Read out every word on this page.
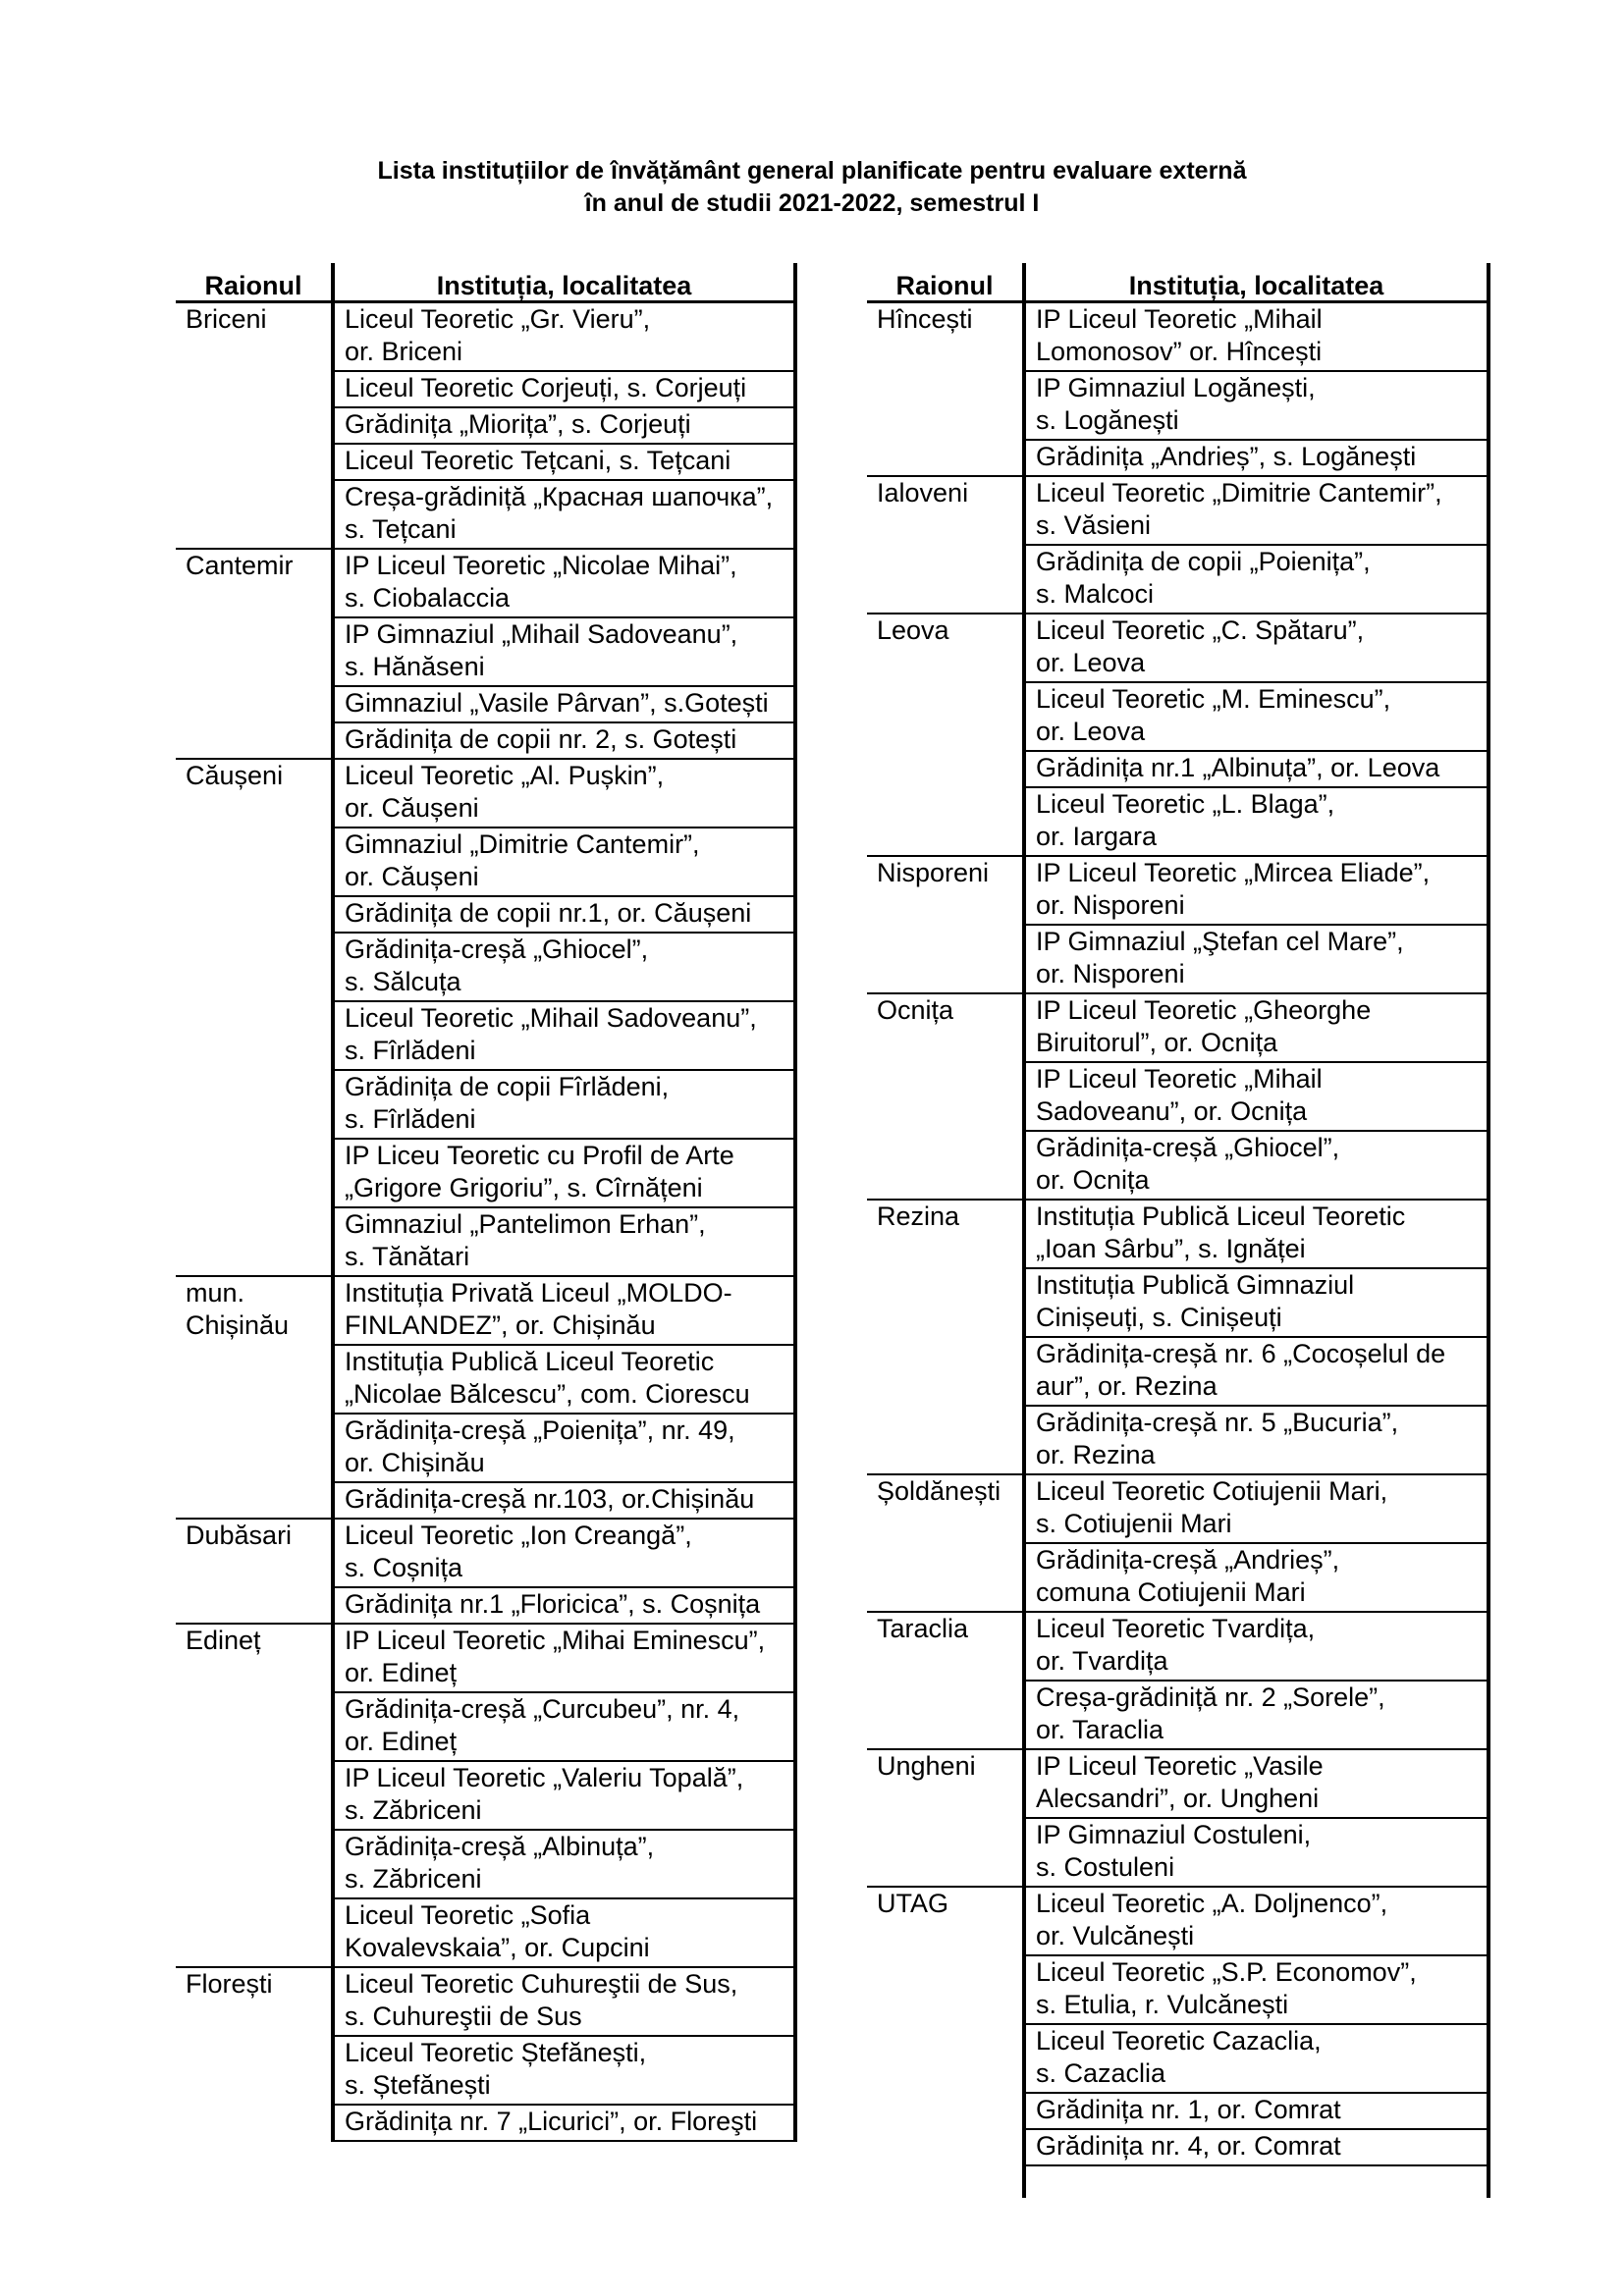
Lista instituțiilor de învățământ general planificate pentru evaluare externă
în anul de studii 2021-2022, semestrul I
Raionul	Instituția, localitatea
Briceni	Liceul Teoretic „Gr. Vieru”,
or. Briceni

	Liceul Teoretic Corjeuți, s. Corjeuți

	Grădinița „Miorița”, s. Corjeuți

	Liceul Teoretic Tețcani, s. Tețcani

	Creșa-grădiniță „Красная шапочка”,
s. Tețcani

Cantemir	IP Liceul Teoretic „Nicolae Mihai”,
s. Ciobalaccia

	IP Gimnaziul „Mihail Sadoveanu”,
s. Hănăseni

	Gimnaziul „Vasile Pârvan”, s.Gotești

	Grădinița de copii nr. 2, s. Gotești

Căușeni	Liceul Teoretic „Al. Pușkin”,
or. Căușeni

	Gimnaziul „Dimitrie Cantemir”,
or. Căușeni

	Grădinița de copii nr.1, or. Căușeni

	Grădinița-creșă „Ghiocel”,
s. Sălcuța

	Liceul Teoretic „Mihail Sadoveanu”,
s. Fîrlădeni

	Grădinița de copii Fîrlădeni,
s. Fîrlădeni

	IP Liceu Teoretic cu Profil de Arte
„Grigore Grigoriu”, s. Cîrnățeni

	Gimnaziul „Pantelimon Erhan”,
s. Tănătari

mun. Chișinău	Instituția Privată Liceul „MOLDO-
FINLANDEZ”, or. Chișinău

	Instituția Publică Liceul Teoretic
„Nicolae Bălcescu”, com. Ciorescu

	Grădinița-creșă „Poienița”, nr. 49,
or. Chișinău

	Grădinița-creșă nr.103, or.Chișinău

Dubăsari	Liceul Teoretic „Ion Creangă”,
s. Coșnița

	Grădinița nr.1 „Floricica”, s. Coșnița

Edineț	IP Liceul Teoretic „Mihai Eminescu”,
or. Edineț

	Grădinița-creșă „Curcubeu”, nr. 4,
or. Edineț

	IP Liceul Teoretic „Valeriu Topală”,
s. Zăbriceni

	Grădinița-creșă „Albinuța”,
s. Zăbriceni

	Liceul Teoretic „Sofia
Kovalevskaia”, or. Cupcini

Florești	Liceul Teoretic Cuhureştii de Sus,
s. Cuhureştii de Sus

	Liceul Teoretic Ștefănești,
s. Ștefănești

	Grădinița nr. 7 „Licurici”, or. Floreşti
Raionul	Instituția, localitatea
Hîncești	IP Liceul Teoretic „Mihail
Lomonosov” or. Hîncești

	IP Gimnaziul Logănești,
s. Logănești

	Grădinița „Andrieș”, s. Logănești

Ialoveni	Liceul Teoretic „Dimitrie Cantemir”,
s. Văsieni

	Grădinița de copii „Poienița”,
s. Malcoci

Leova	Liceul Teoretic „C. Spătaru”,
or. Leova

	Liceul Teoretic „M. Eminescu”,
or. Leova

	Grădinița nr.1 „Albinuța”, or. Leova

	Liceul Teoretic „L. Blaga”,
or. Iargara

Nisporeni	IP Liceul Teoretic „Mircea Eliade”,
or. Nisporeni

	IP Gimnaziul „Ştefan cel Mare”,
or. Nisporeni

Ocnița	IP Liceul Teoretic „Gheorghe
Biruitorul”, or. Ocnița

	IP Liceul Teoretic „Mihail
Sadoveanu”, or. Ocnița

	Grădinița-creșă „Ghiocel”,
or. Ocnița

Rezina	Instituția Publică Liceul Teoretic
„Ioan Sârbu”, s. Ignăței

	Instituția Publică Gimnaziul
Cinișeuți, s. Cinișeuți

	Grădinița-creșă nr. 6 „Cocoșelul de
aur”, or. Rezina

	Grădinița-creșă nr. 5 „Bucuria”,
or. Rezina

Șoldănești	Liceul Teoretic Cotiujenii Mari,
s. Cotiujenii Mari

	Grădinița-creșă „Andrieș”,
comuna Cotiujenii Mari

Taraclia	Liceul Teoretic Tvardița,
or. Tvardița

	Creșa-grădiniță nr. 2 „Sorele”,
or. Taraclia

Ungheni	IP Liceul Teoretic „Vasile
Alecsandri”, or. Ungheni

	IP Gimnaziul Costuleni,
s. Costuleni

UTAG	Liceul Teoretic „A. Doljnenco”,
or. Vulcănești

	Liceul Teoretic „S.P. Economov”,
s. Etulia, r. Vulcănești

	Liceul Teoretic Cazaclia,
s. Cazaclia

	Grădinița nr. 1, or. Comrat

	Grădinița nr. 4, or. Comrat
